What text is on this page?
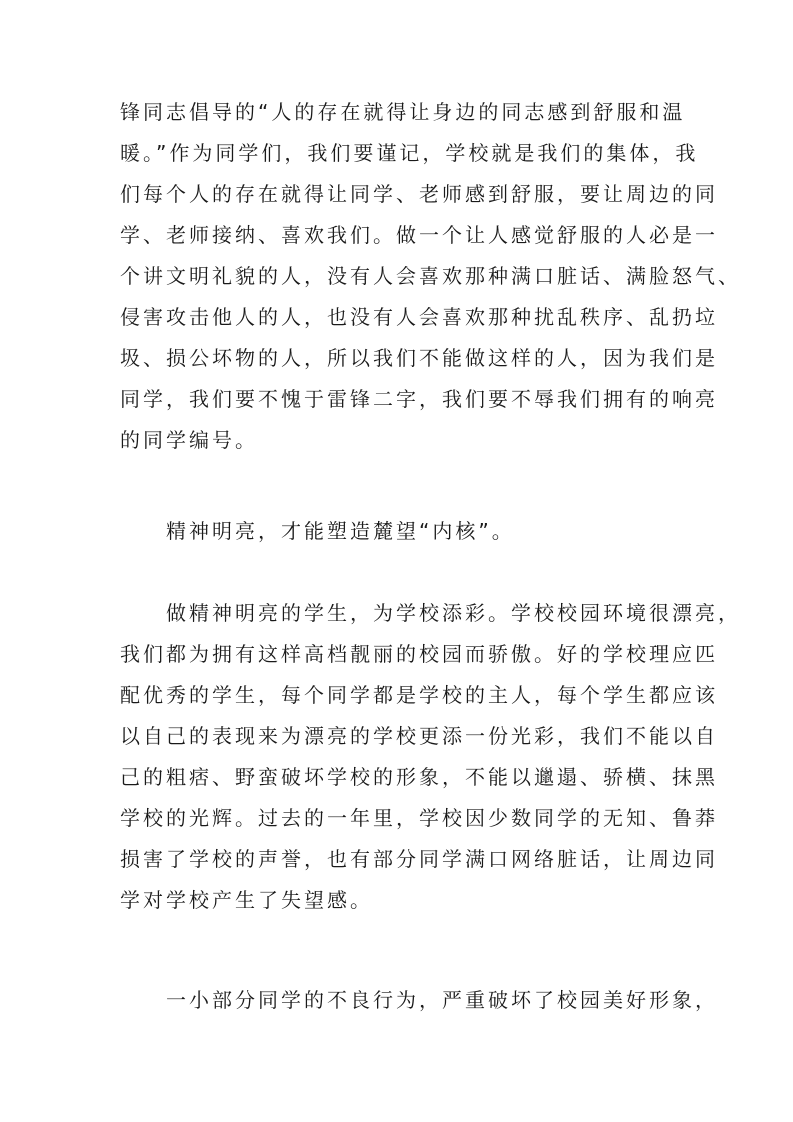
锋同志倡导的“人的存在就得让身边的同志感到舒服和温
暖。”作为同学们，我们要谨记，学校就是我们的集体，我
们每个人的存在就得让同学、老师感到舒服，要让周边的同
学、老师接纳、喜欢我们。做一个让人感觉舒服的人必是一
个讲文明礼貌的人，没有人会喜欢那种满口脏话、满脸怒气、
侵害攻击他人的人，也没有人会喜欢那种扰乱秩序、乱扔垃
圾、损公坏物的人，所以我们不能做这样的人，因为我们是
同学，我们要不愧于雷锋二字，我们要不辱我们拥有的响亮
的同学编号。
精神明亮，才能塑造麓望“内核”。
做精神明亮的学生，为学校添彩。学校校园环境很漂亮，
我们都为拥有这样高档靓丽的校园而骄傲。好的学校理应匹
配优秀的学生，每个同学都是学校的主人，每个学生都应该
以自己的表现来为漂亮的学校更添一份光彩，我们不能以自
己的粗痞、野蛮破坏学校的形象，不能以邋遢、骄横、抹黑
学校的光辉。过去的一年里，学校因少数同学的无知、鲁莽
损害了学校的声誉，也有部分同学满口网络脏话，让周边同
学对学校产生了失望感。
一小部分同学的不良行为，严重破坏了校园美好形象，
